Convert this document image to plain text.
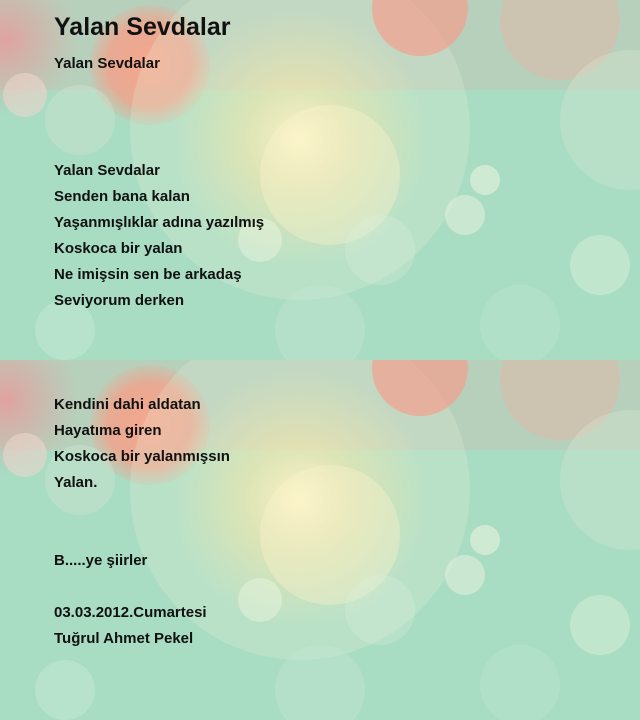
Yalan Sevdalar
Yalan Sevdalar
Yalan Sevdalar
Senden bana kalan
Yaşanmışlıklar adına yazılmış
Koskoca bir yalan
Ne imişsin sen be arkadaş
Seviyorum derken
Kendini dahi aldatan
Hayatıma giren
Koskoca bir yalanmışsın
Yalan.
B.....ye şiirler
03.03.2012.Cumartesi
Tuğrul Ahmet Pekel
